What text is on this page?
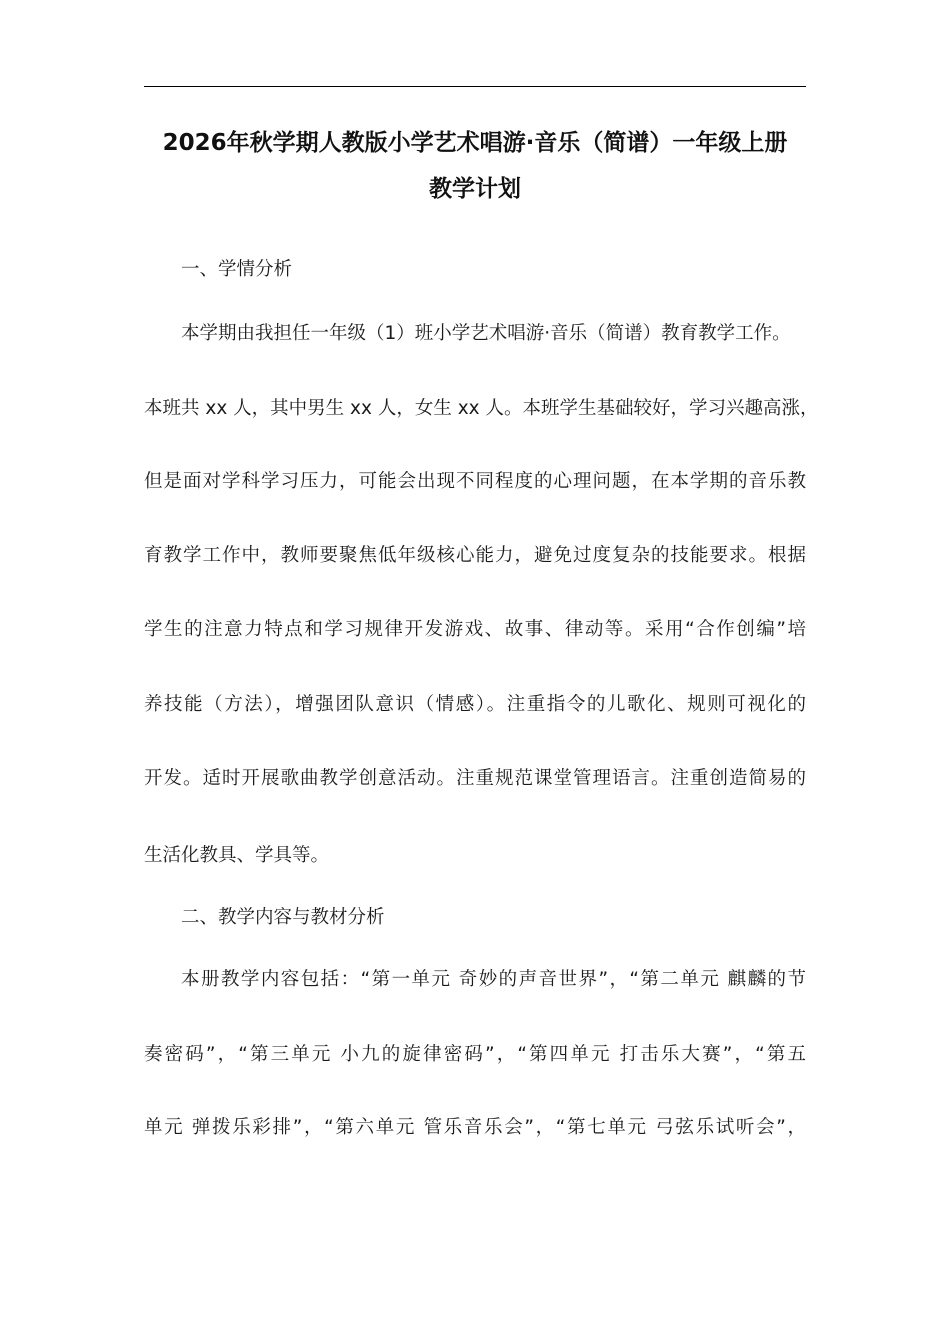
2026年秋学期人教版小学艺术唱游·音乐（简谱）一年级上册
教学计划
一、学情分析
本学期由我担任一年级（1）班小学艺术唱游·音乐（简谱）教育教学工作。
本班共 xx 人，其中男生 xx 人，女生 xx 人。本班学生基础较好，学习兴趣高涨，
但是面对学科学习压力，可能会出现不同程度的心理问题，在本学期的音乐教
育教学工作中，教师要聚焦低年级核心能力，避免过度复杂的技能要求。根据
学生的注意力特点和学习规律开发游戏、故事、律动等。采用“合作创编”培
养技能（方法），增强团队意识（情感）。注重指令的儿歌化、规则可视化的
开发。适时开展歌曲教学创意活动。注重规范课堂管理语言。注重创造简易的
生活化教具、学具等。
二、教学内容与教材分析
本册教学内容包括：“第一单元 奇妙的声音世界”，“第二单元 麒麟的节
奏密码”，“第三单元 小九的旋律密码”，“第四单元 打击乐大赛”，“第五
单元 弹拨乐彩排”，“第六单元 管乐音乐会”，“第七单元 弓弦乐试听会”，
